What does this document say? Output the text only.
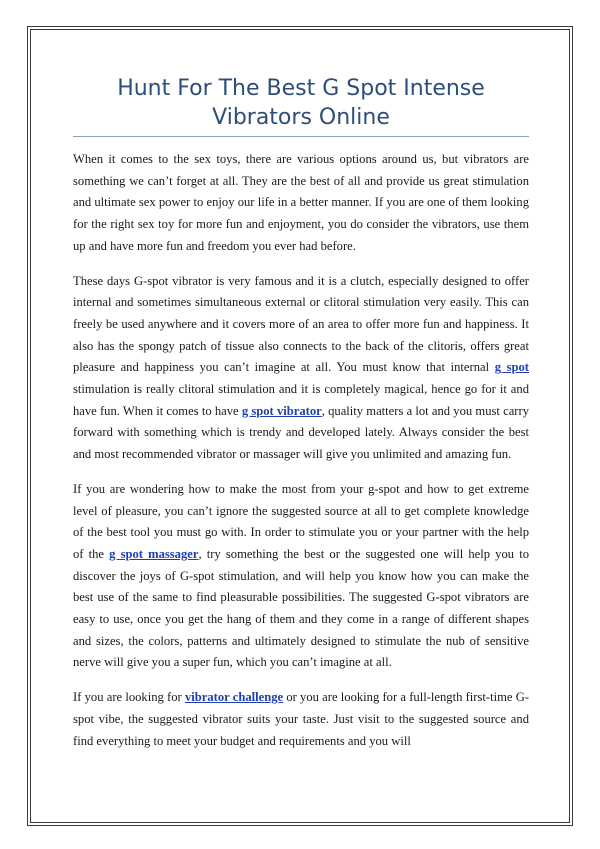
Hunt For The Best G Spot Intense Vibrators Online

When it comes to the sex toys, there are various options around us, but vibrators are something we can’t forget at all. They are the best of all and provide us great stimulation and ultimate sex power to enjoy our life in a better manner. If you are one of them looking for the right sex toy for more fun and enjoyment, you do consider the vibrators, use them up and have more fun and freedom you ever had before.

These days G-spot vibrator is very famous and it is a clutch, especially designed to offer internal and sometimes simultaneous external or clitoral stimulation very easily. This can freely be used anywhere and it covers more of an area to offer more fun and happiness. It also has the spongy patch of tissue also connects to the back of the clitoris, offers great pleasure and happiness you can’t imagine at all. You must know that internal g spot stimulation is really clitoral stimulation and it is completely magical, hence go for it and have fun. When it comes to have g spot vibrator, quality matters a lot and you must carry forward with something which is trendy and developed lately. Always consider the best and most recommended vibrator or massager will give you unlimited and amazing fun.

If you are wondering how to make the most from your g-spot and how to get extreme level of pleasure, you can’t ignore the suggested source at all to get complete knowledge of the best tool you must go with. In order to stimulate you or your partner with the help of the g spot massager, try something the best or the suggested one will help you to discover the joys of G-spot stimulation, and will help you know how you can make the best use of the same to find pleasurable possibilities. The suggested G-spot vibrators are easy to use, once you get the hang of them and they come in a range of different shapes and sizes, the colors, patterns and ultimately designed to stimulate the nub of sensitive nerve will give you a super fun, which you can’t imagine at all.

If you are looking for vibrator challenge or you are looking for a full-length first-time G-spot vibe, the suggested vibrator suits your taste. Just visit to the suggested source and find everything to meet your budget and requirements and you will
